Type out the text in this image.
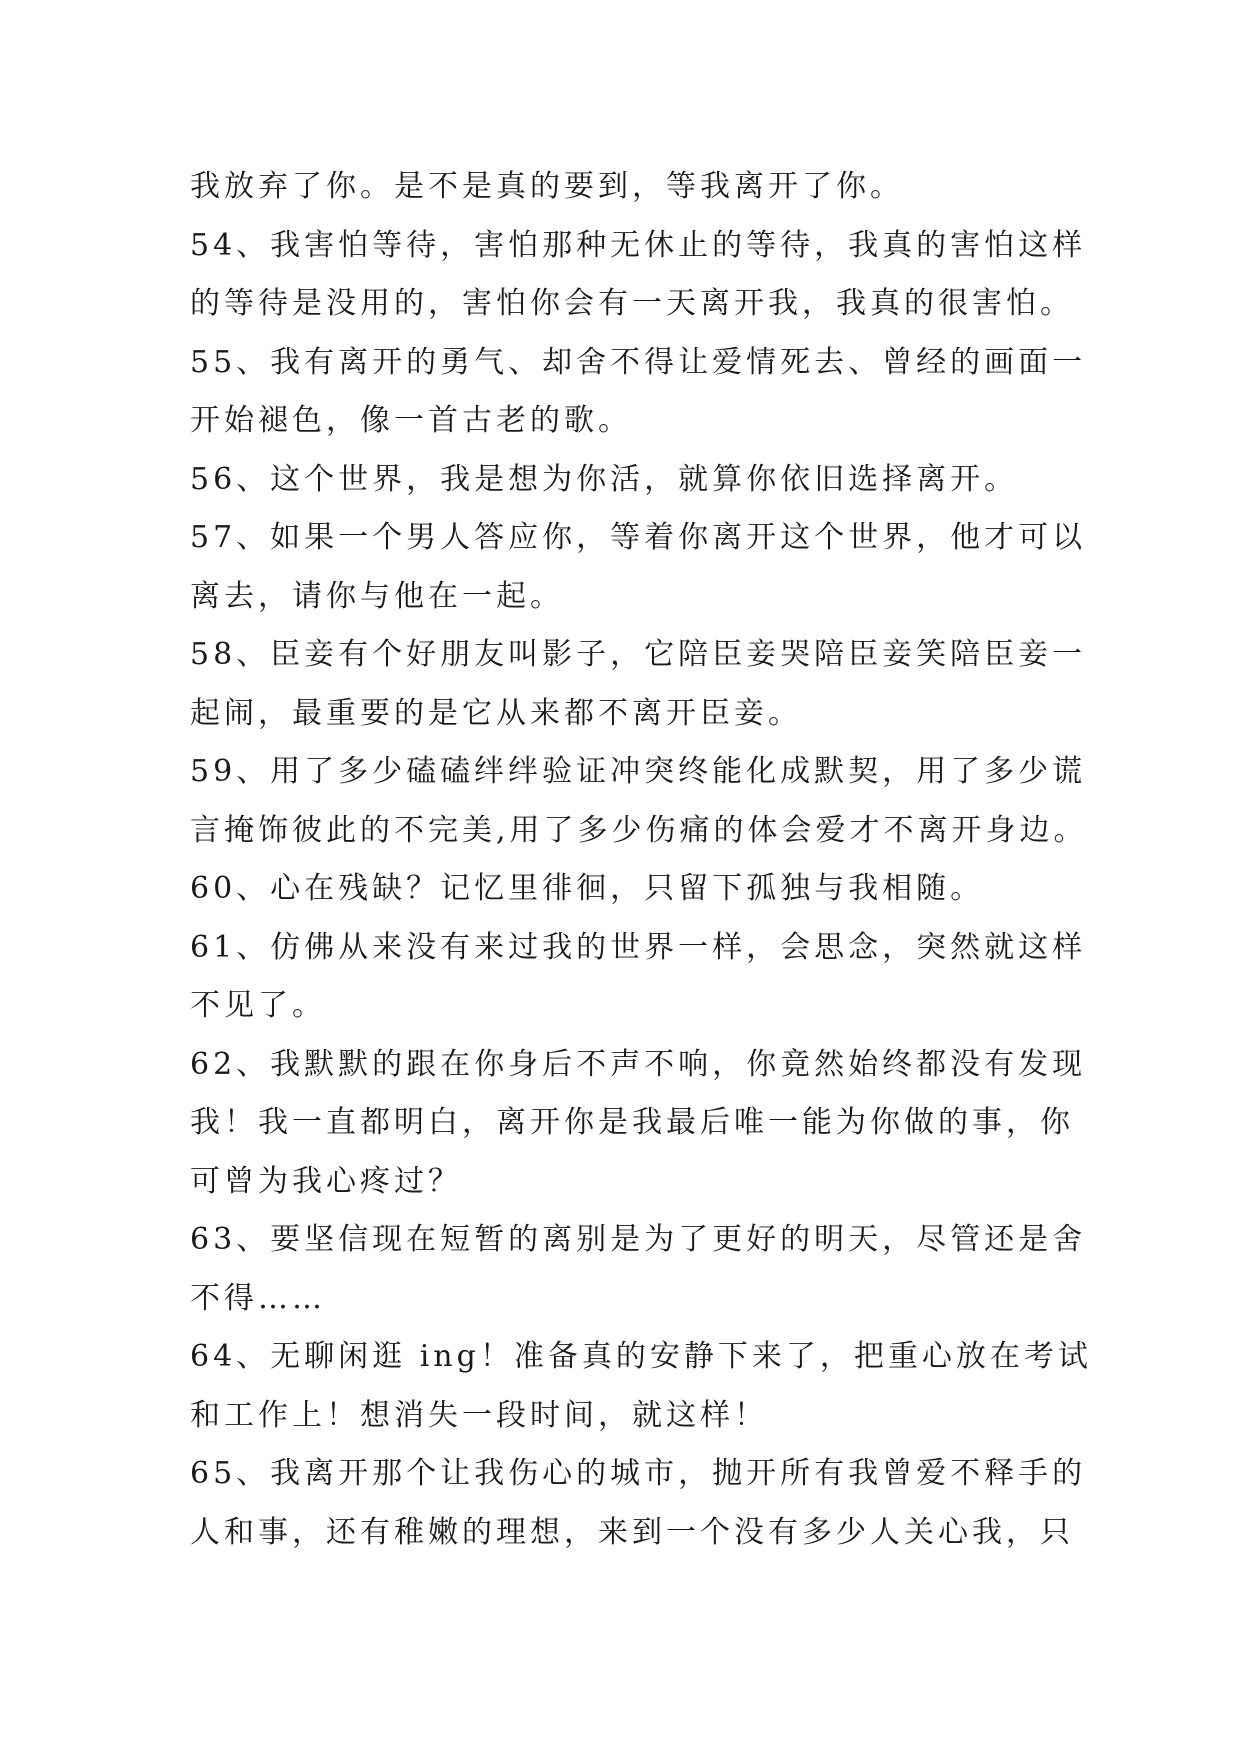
我放弃了你。是不是真的要到，等我离开了你。
54、我害怕等待，害怕那种无休止的等待，我真的害怕这样
的等待是没用的，害怕你会有一天离开我，我真的很害怕。
55、我有离开的勇气、却舍不得让爱情死去、曾经的画面一
开始褪色，像一首古老的歌。
56、这个世界，我是想为你活，就算你依旧选择离开。
57、如果一个男人答应你，等着你离开这个世界，他才可以
离去，请你与他在一起。
58、臣妾有个好朋友叫影子，它陪臣妾哭陪臣妾笑陪臣妾一
起闹，最重要的是它从来都不离开臣妾。
59、用了多少磕磕绊绊验证冲突终能化成默契，用了多少谎
言掩饰彼此的不完美,用了多少伤痛的体会爱才不离开身边。
60、心在残缺？记忆里徘徊，只留下孤独与我相随。
61、仿佛从来没有来过我的世界一样，会思念，突然就这样
不见了。
62、我默默的跟在你身后不声不响，你竟然始终都没有发现
我！我一直都明白，离开你是我最后唯一能为你做的事，你
可曾为我心疼过？
63、要坚信现在短暂的离别是为了更好的明天，尽管还是舍
不得……
64、无聊闲逛 ing！准备真的安静下来了，把重心放在考试
和工作上！想消失一段时间，就这样！
65、我离开那个让我伤心的城市，抛开所有我曾爱不释手的
人和事，还有稚嫩的理想，来到一个没有多少人关心我，只
